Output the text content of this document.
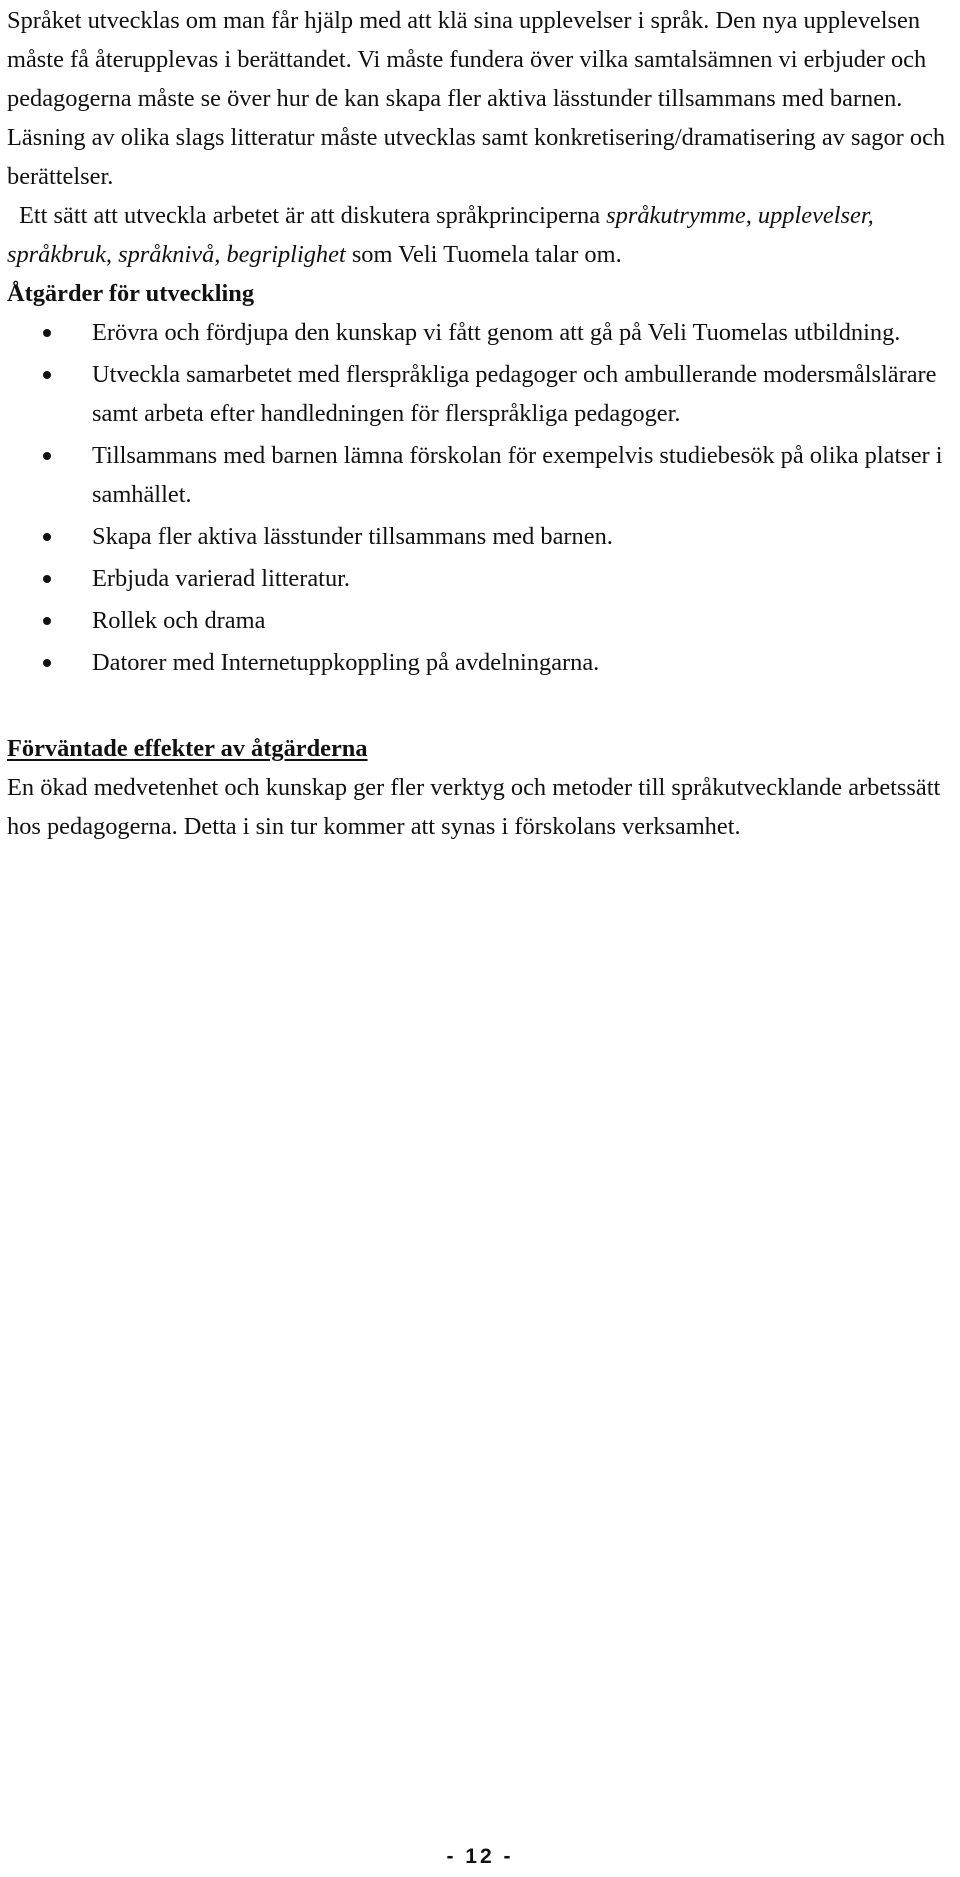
Språket utvecklas om man får hjälp med att klä sina upplevelser i språk. Den nya upplevelsen måste få återupplevas i berättandet. Vi måste fundera över vilka samtalsämnen vi erbjuder och pedagogerna måste se över hur de kan skapa fler aktiva lässtunder tillsammans med barnen. Läsning av olika slags litteratur måste utvecklas samt konkretisering/dramatisering av sagor och berättelser.

Ett sätt att utveckla arbetet är att diskutera språkprinciperna språkutrymme, upplevelser, språkbruk, språknivå, begriplighet som Veli Tuomela talar om.

Åtgärder för utveckling
Erövra och fördjupa den kunskap vi fått genom att gå på Veli Tuomelas utbildning.
Utveckla samarbetet med flerspråkliga pedagoger och ambullerande modersmålslärare samt arbeta efter handledningen för flerspråkliga pedagoger.
Tillsammans med barnen lämna förskolan för exempelvis studiebesök på olika platser i samhället.
Skapa fler aktiva lässtunder tillsammans med barnen.
Erbjuda varierad litteratur.
Rollek och drama
Datorer med Internetuppkoppling på avdelningarna.
Förväntade effekter av åtgärderna

En ökad medvetenhet och kunskap ger fler verktyg och metoder till språkutvecklande arbetssätt hos pedagogerna. Detta i sin tur kommer att synas i förskolans verksamhet.

- 12 -
